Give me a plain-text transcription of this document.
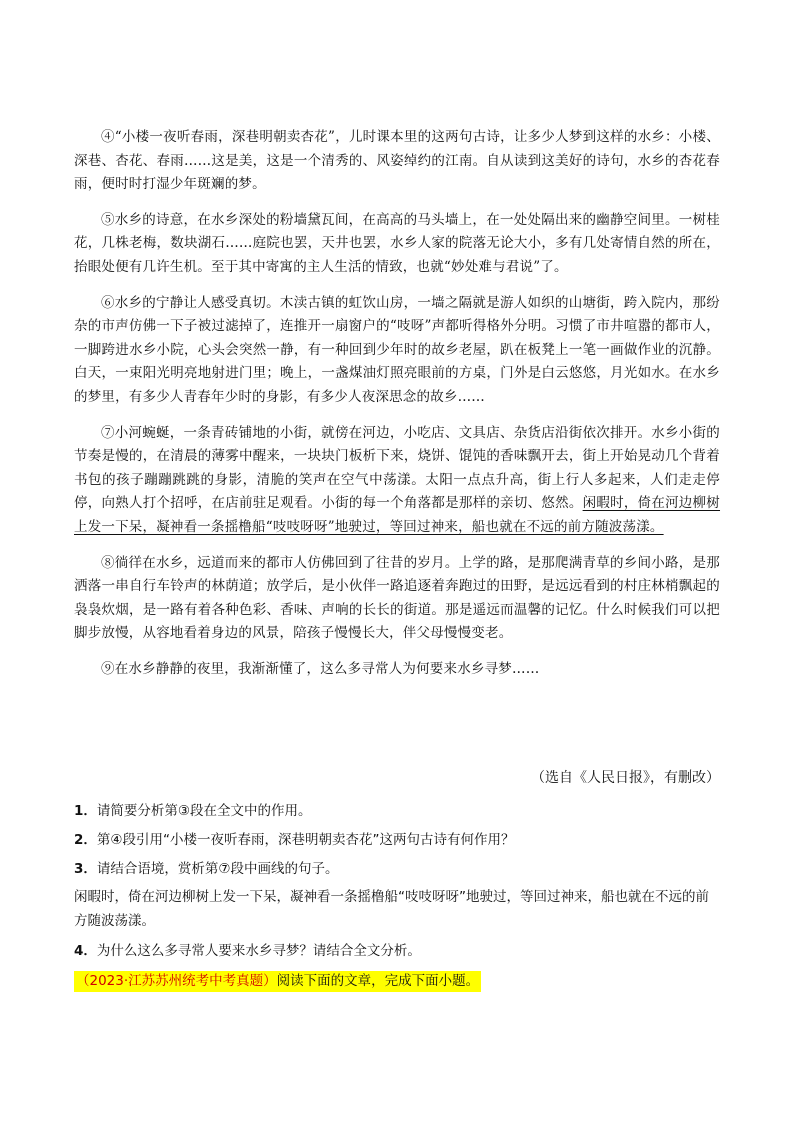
④“小楼一夜听春雨，深巷明朝卖杏花”，儿时课本里的这两句古诗，让多少人梦到这样的水乡：小楼、深巷、杏花、春雨……这是美，这是一个清秀的、风姿绰约的江南。自从读到这美好的诗句，水乡的杏花春雨，便时时打湿少年斑斓的梦。

⑤水乡的诗意，在水乡深处的粉墙黛瓦间，在高高的马头墙上，在一处处隔出来的幽静空间里。一树桂花，几株老梅，数块湖石……庭院也罢，天井也罢，水乡人家的院落无论大小，多有几处寄情自然的所在，抬眼处便有几许生机。至于其中寄寓的主人生活的情致，也就“妙处难与君说”了。

⑥水乡的宁静让人感受真切。木渎古镇的虹饮山房，一墙之隔就是游人如织的山塘街，跨入院内，那纷杂的市声仿佛一下子被过滤掉了，连推开一扇窗户的“吱呀”声都听得格外分明。习惯了市井喧嚣的都市人，一脚跨进水乡小院，心头会突然一静，有一种回到少年时的故乡老屋，趴在板凳上一笔一画做作业的沉静。白天，一束阳光明亮地射进门里；晚上，一盏煤油灯照亮眼前的方桌，门外是白云悠悠，月光如水。在水乡的梦里，有多少人青春年少时的身影，有多少人夜深思念的故乡……

⑦小河蜿蜒，一条青砖铺地的小街，就傍在河边，小吃店、文具店、杂货店沿街依次排开。水乡小街的节奏是慢的，在清晨的薄雾中醒来，一块块门板析下来，烧饼、馄饨的香味飘开去，街上开始晃动几个背着书包的孩子蹦蹦跳跳的身影，清脆的笑声在空气中荡漾。太阳一点点升高，街上行人多起来，人们走走停停，向熟人打个招呼，在店前驻足观看。小街的每一个角落都是那样的亲切、悠然。闲暇时，倚在河边柳树上发一下呆，凝神看一条摇橹船“吱吱呀呀”地驶过，等回过神来，船也就在不远的前方随波荡漾。

⑧徜徉在水乡，远道而来的都市人仿佛回到了往昔的岁月。上学的路，是那爬满青草的乡间小路，是那洒落一串自行车铃声的林荫道；放学后，是小伙伴一路追逐着奔跑过的田野，是远远看到的村庄林梢飘起的袅袅炊烟，是一路有着各种色彩、香味、声响的长长的街道。那是遥远而温馨的记忆。什么时候我们可以把脚步放慢，从容地看着身边的风景，陪孩子慢慢长大，伴父母慢慢变老。

⑨在水乡静静的夜里，我渐渐懂了，这么多寻常人为何要来水乡寻梦……

（选自《人民日报》，有删改）

1．请简要分析第③段在全文中的作用。

2．第④段引用“小楼一夜听春雨，深巷明朝卖杏花”这两句古诗有何作用？

3．请结合语境，赏析第⑦段中画线的句子。

闲暇时，倚在河边柳树上发一下呆，凝神看一条摇橹船“吱吱呀呀”地驶过，等回过神来，船也就在不远的前方随波荡漾。

4．为什么这么多寻常人要来水乡寻梦？请结合全文分析。

（2023·江苏苏州统考中考真题）阅读下面的文章，完成下面小题。
